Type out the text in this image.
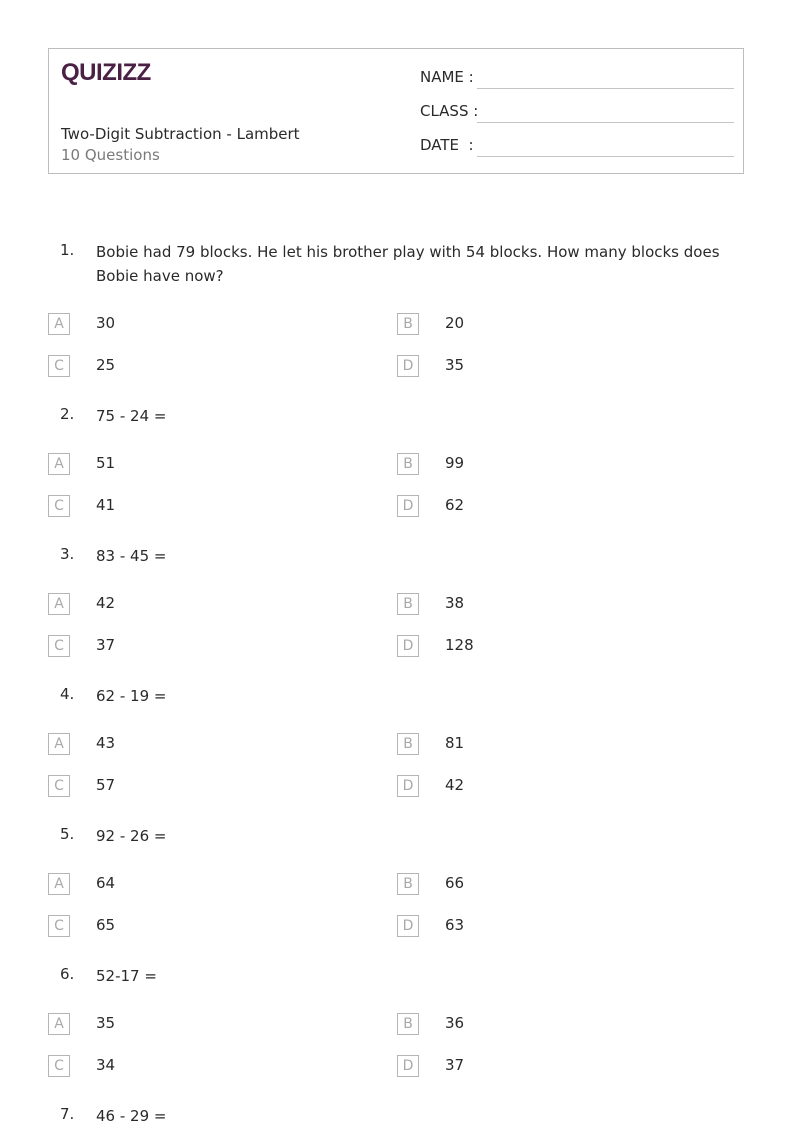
QUIZIZZ
Two-Digit Subtraction - Lambert
10 Questions
NAME :
CLASS :
DATE  :
1.	Bobie had 79 blocks. He let his brother play with 54 blocks. How many blocks does Bobie have now?
A	30	B	20
C	25	D	35
2.	75 - 24 =
A	51	B	99
C	41	D	62
3.	83 - 45 =
A	42	B	38
C	37	D	128
4.	62 - 19 =
A	43	B	81
C	57	D	42
5.	92 - 26 =
A	64	B	66
C	65	D	63
6.	52-17 =
A	35	B	36
C	34	D	37
7.	46 - 29 =
